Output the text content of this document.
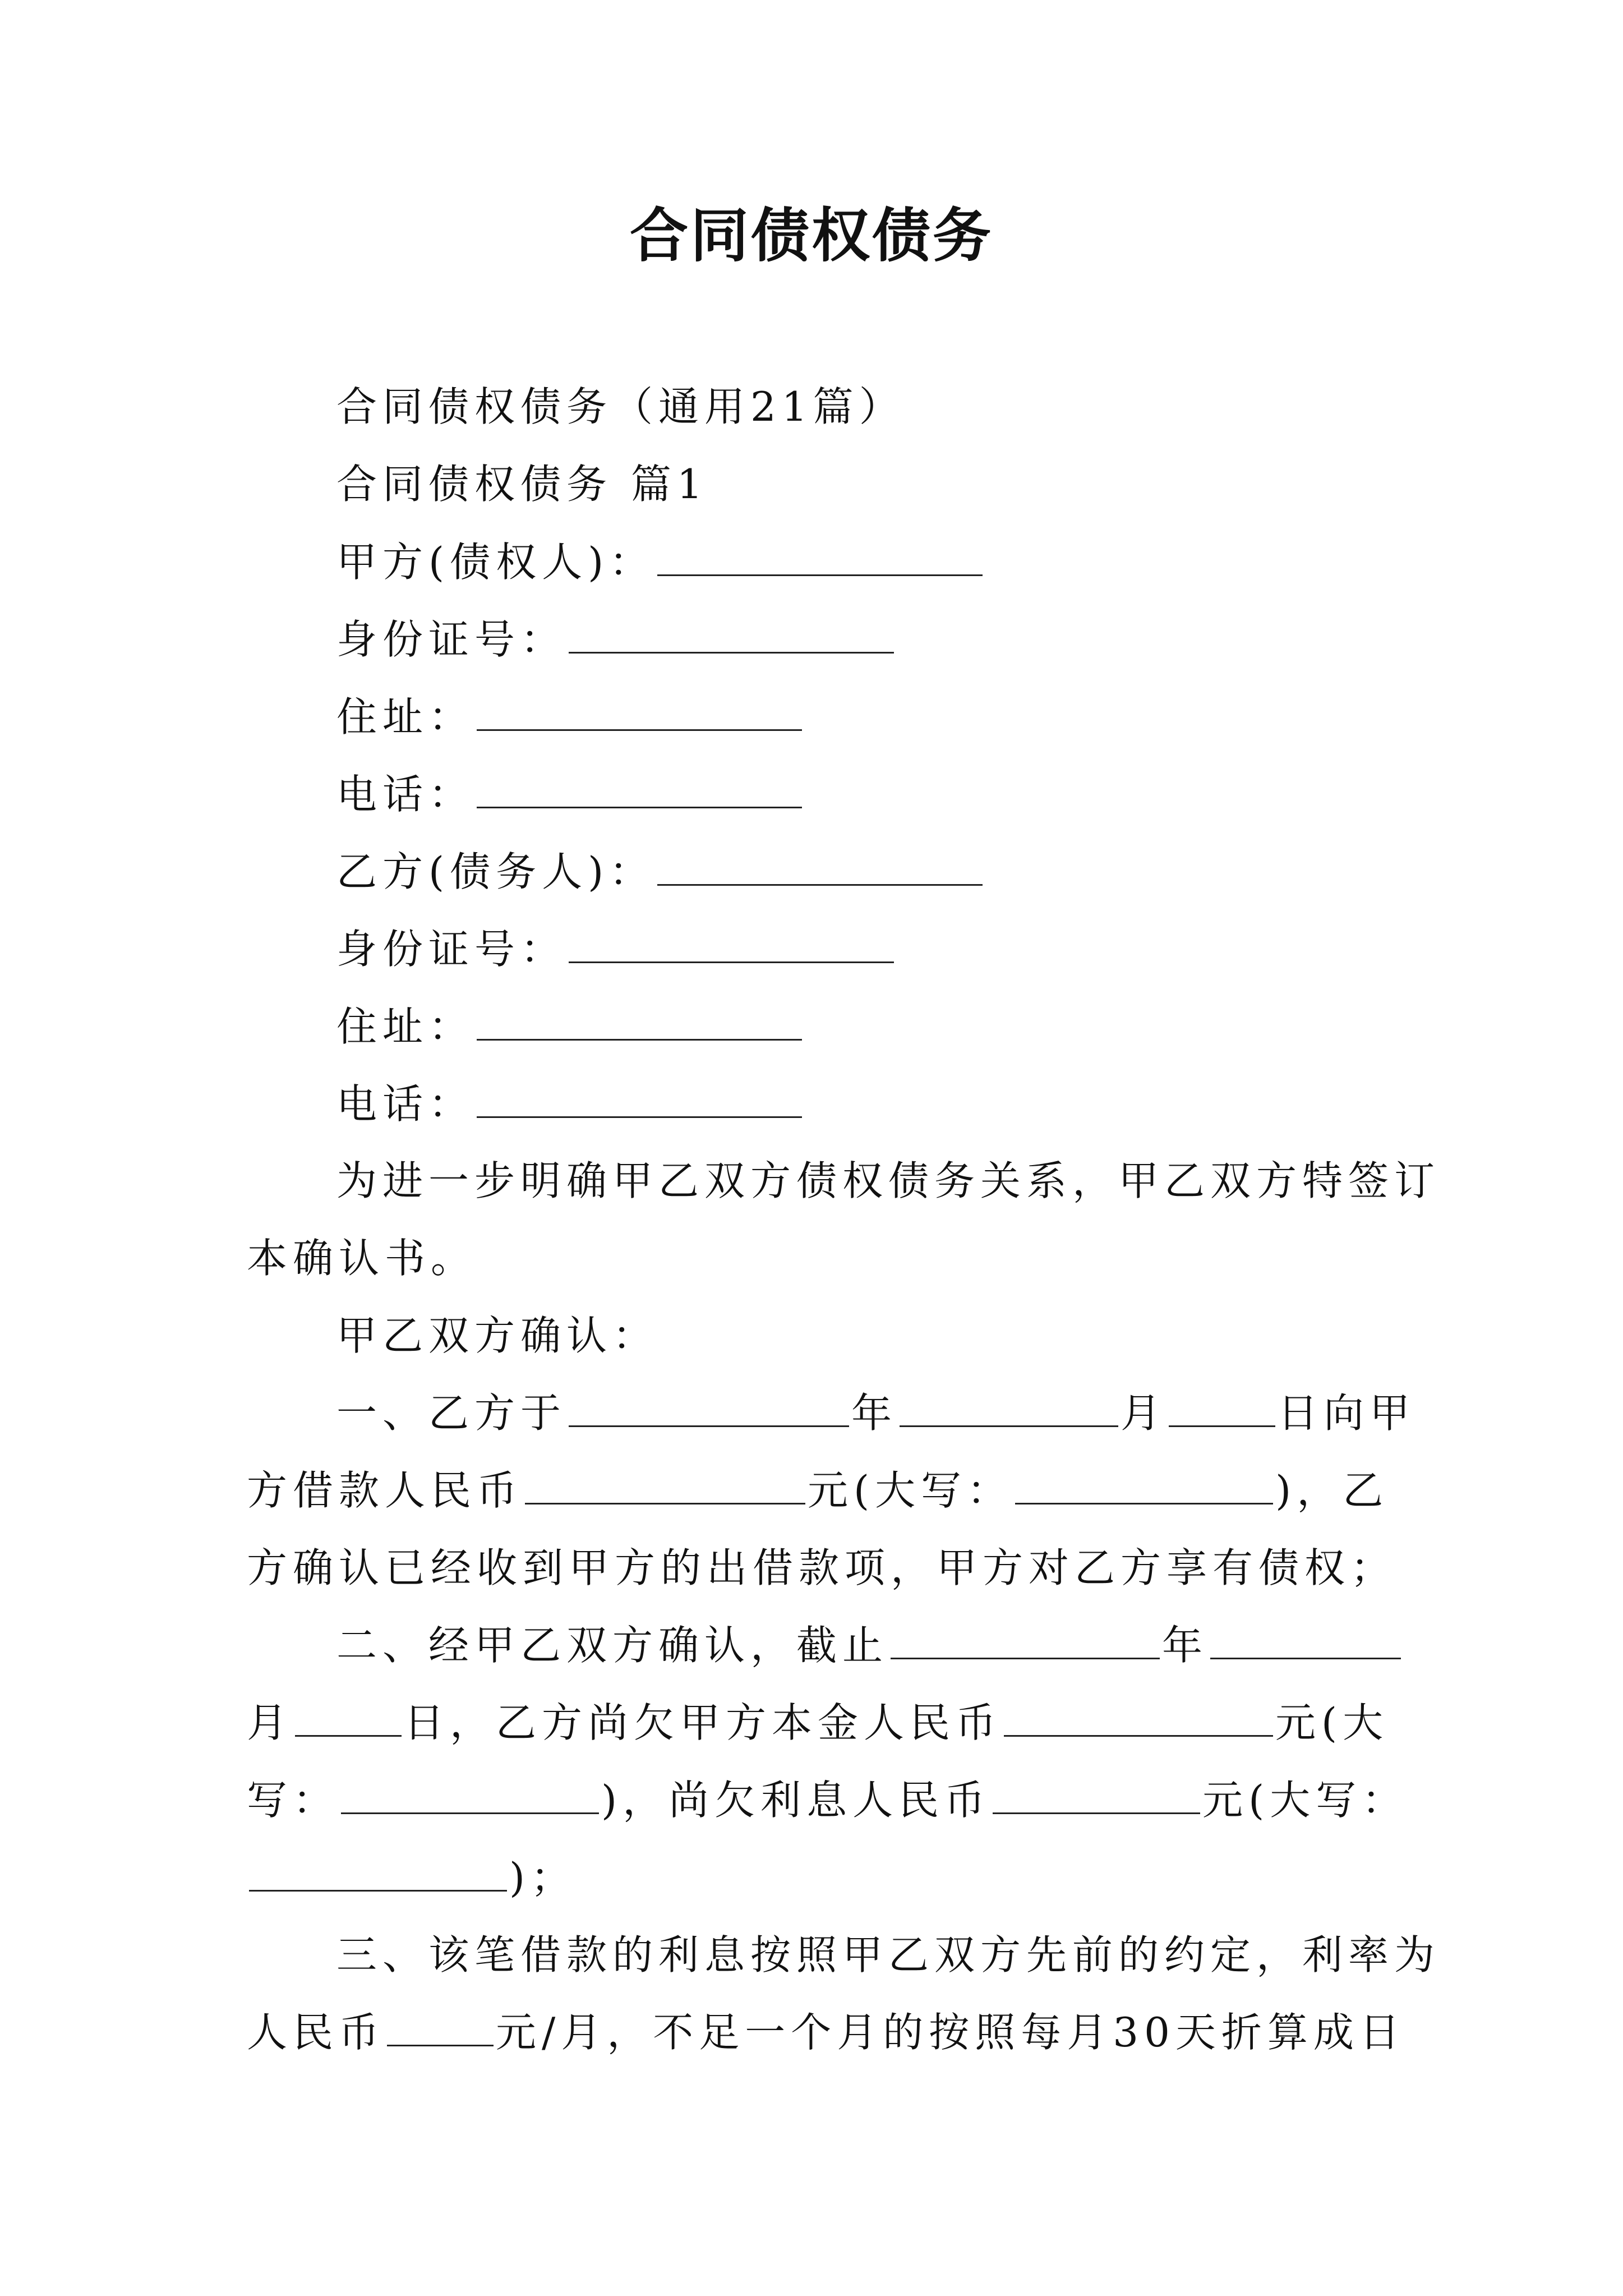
合同债权债务
合同债权债务（通用21篇）
合同债权债务 篇1
甲方(债权人)：
身份证号：
住址：
电话：
乙方(债务人)：
身份证号：
住址：
电话：
为进一步明确甲乙双方债权债务关系，甲乙双方特签订
本确认书。
甲乙双方确认：
一、乙方于	年	月	日向甲
方借款人民币	元(大写：	)，乙
方确认已经收到甲方的出借款项，甲方对乙方享有债权；
二、经甲乙双方确认，截止	年
月	日，乙方尚欠甲方本金人民币	元(大
写：	)，尚欠利息人民币	元(大写：
)；
三、该笔借款的利息按照甲乙双方先前的约定，利率为
人民币	元/月，不足一个月的按照每月30天折算成日
